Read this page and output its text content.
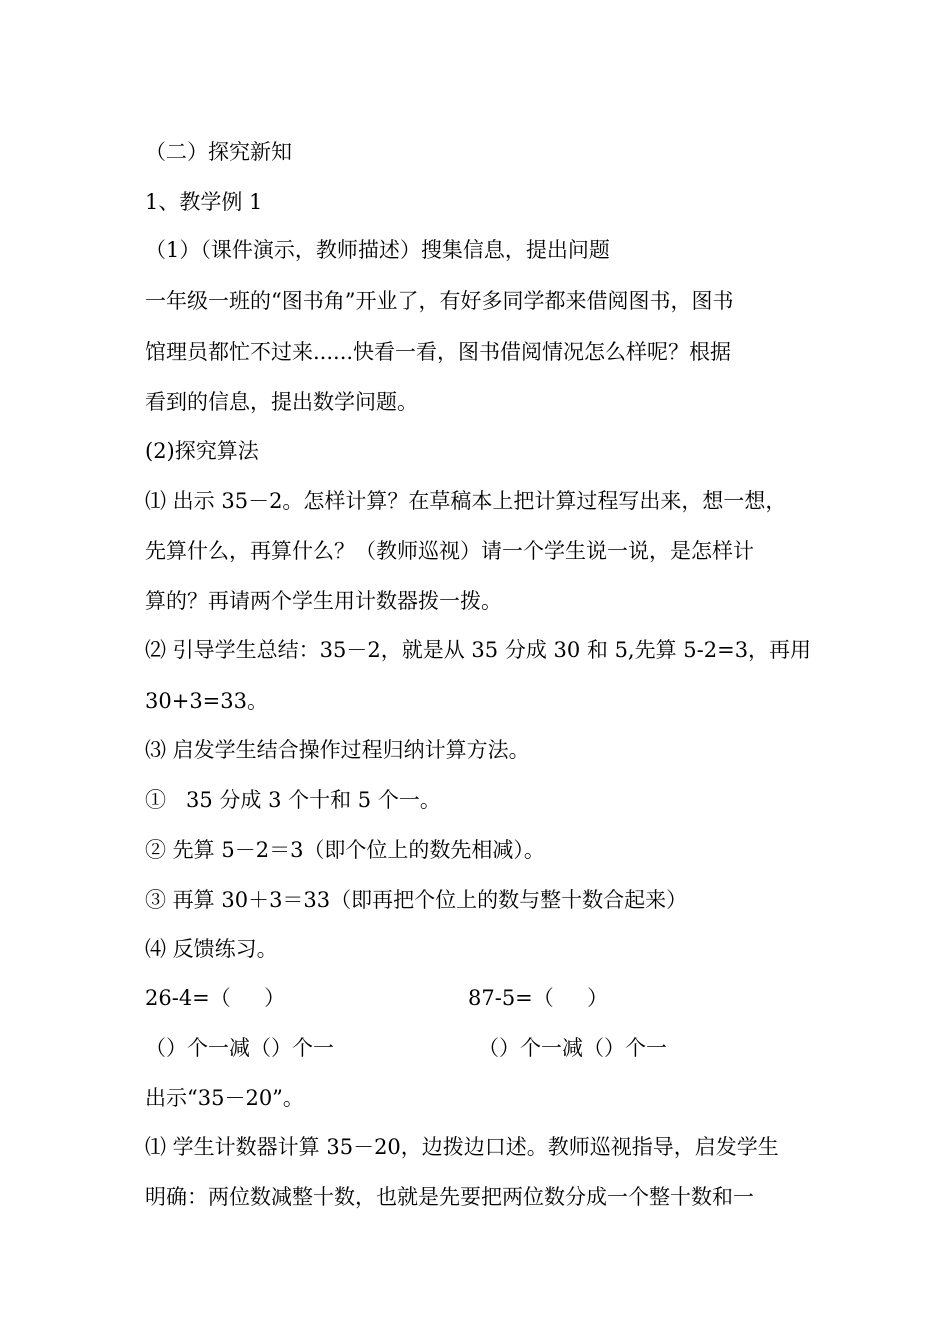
（二）探究新知
1、教学例 1
（1）（课件演示，教师描述）搜集信息，提出问题
一年级一班的“图书角”开业了，有好多同学都来借阅图书，图书
馆理员都忙不过来......快看一看，图书借阅情况怎么样呢？根据
看到的信息，提出数学问题。
(2)探究算法
⑴ 出示 35－2。怎样计算？在草稿本上把计算过程写出来，想一想，
先算什么，再算什么？（教师巡视）请一个学生说一说，是怎样计
算的？再请两个学生用计数器拨一拨。
⑵ 引导学生总结：35－2，就是从 35 分成 30 和 5,先算 5-2=3，再用
30+3=33。
⑶ 启发学生结合操作过程归纳计算方法。
①   35 分成 3 个十和 5 个一。
② 先算 5－2＝3（即个位上的数先相减）。
③ 再算 30＋3＝33（即再把个位上的数与整十数合起来）
⑷ 反馈练习。
26-4=（     ）	87-5=（     ）
（）个一减（）个一	（）个一减（）个一
出示“35－20”。
⑴ 学生计数器计算 35－20，边拨边口述。教师巡视指导，启发学生
明确：两位数减整十数，也就是先要把两位数分成一个整十数和一
